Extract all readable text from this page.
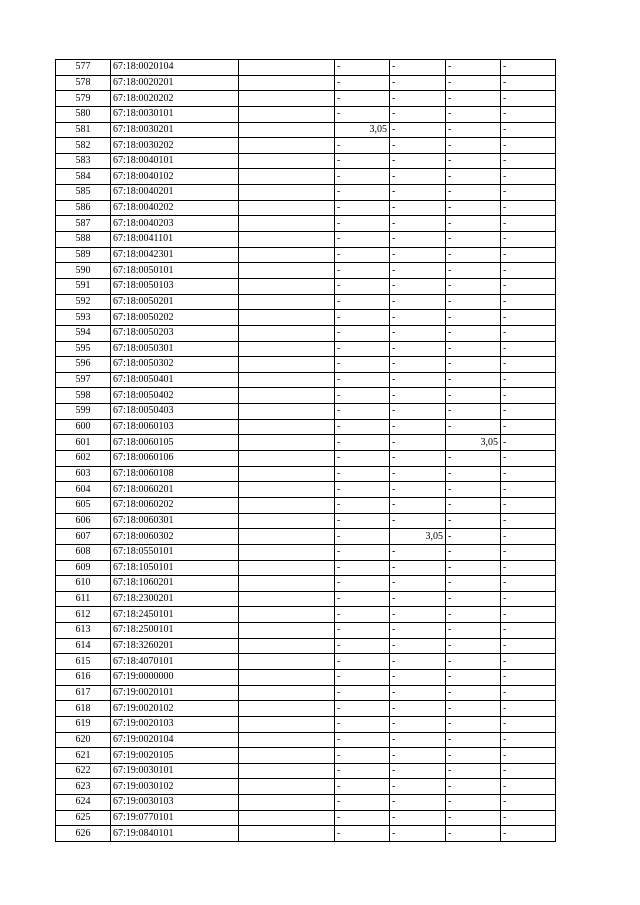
577	67:18:0020104		-	-	-	-
578	67:18:0020201		-	-	-	-
579	67:18:0020202		-	-	-	-
580	67:18:0030101		-	-	-	-
581	67:18:0030201		3,05	-	-	-
582	67:18:0030202		-	-	-	-
583	67:18:0040101		-	-	-	-
584	67:18:0040102		-	-	-	-
585	67:18:0040201		-	-	-	-
586	67:18:0040202		-	-	-	-
587	67:18:0040203		-	-	-	-
588	67:18:0041101		-	-	-	-
589	67:18:0042301		-	-	-	-
590	67:18:0050101		-	-	-	-
591	67:18:0050103		-	-	-	-
592	67:18:0050201		-	-	-	-
593	67:18:0050202		-	-	-	-
594	67:18:0050203		-	-	-	-
595	67:18:0050301		-	-	-	-
596	67:18:0050302		-	-	-	-
597	67:18:0050401		-	-	-	-
598	67:18:0050402		-	-	-	-
599	67:18:0050403		-	-	-	-
600	67:18:0060103		-	-	-	-
601	67:18:0060105		-	-	3,05	-
602	67:18:0060106		-	-	-	-
603	67:18:0060108		-	-	-	-
604	67:18:0060201		-	-	-	-
605	67:18:0060202		-	-	-	-
606	67:18:0060301		-	-	-	-
607	67:18:0060302		-	3,05	-	-
608	67:18:0550101		-	-	-	-
609	67:18:1050101		-	-	-	-
610	67:18:1060201		-	-	-	-
611	67:18:2300201		-	-	-	-
612	67:18:2450101		-	-	-	-
613	67:18:2500101		-	-	-	-
614	67:18:3260201		-	-	-	-
615	67:18:4070101		-	-	-	-
616	67:19:0000000		-	-	-	-
617	67:19:0020101		-	-	-	-
618	67:19:0020102		-	-	-	-
619	67:19:0020103		-	-	-	-
620	67:19:0020104		-	-	-	-
621	67:19:0020105		-	-	-	-
622	67:19:0030101		-	-	-	-
623	67:19:0030102		-	-	-	-
624	67:19:0030103		-	-	-	-
625	67:19:0770101		-	-	-	-
626	67:19:0840101		-	-	-	-
